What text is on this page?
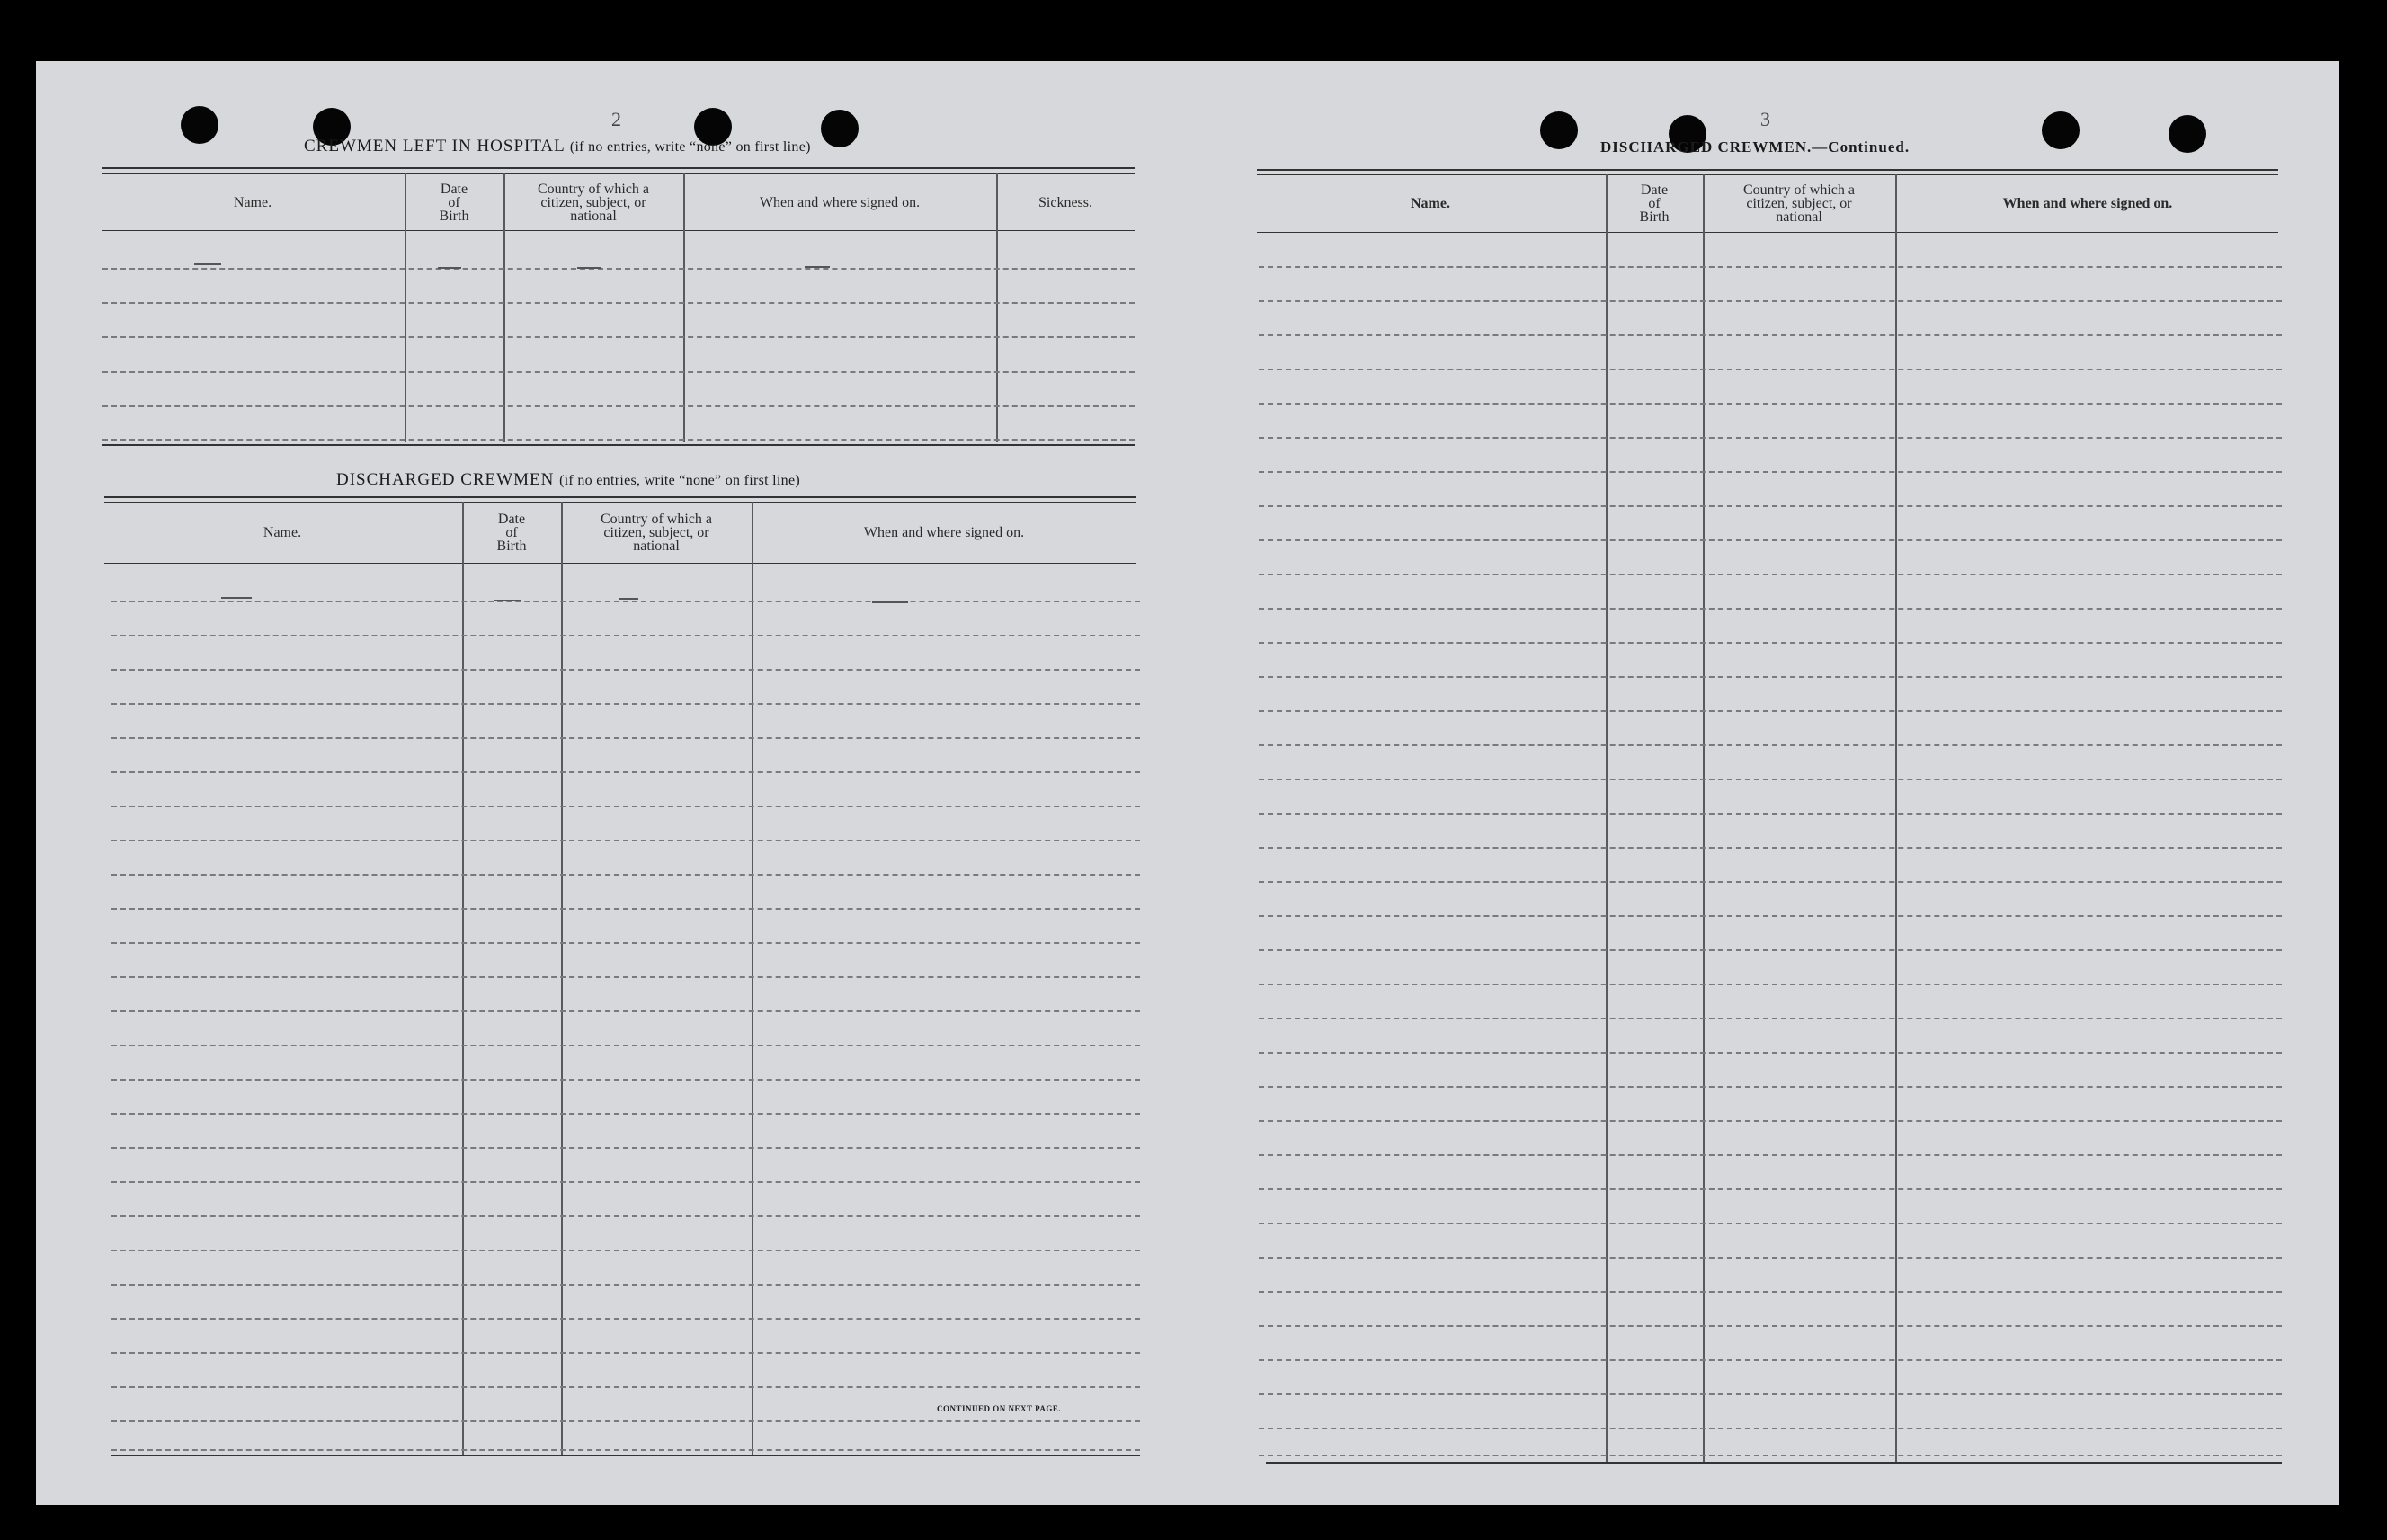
2
CREWMEN LEFT IN HOSPITAL (if no entries, write “none” on first line)
Name.
Date
of
Birth
Country of which a
citizen, subject, or
national
When and where signed on.	Sickness.
DISCHARGED CREWMEN (if no entries, write “none” on first line)
Name.
Date
of
Birth
Country of which a
citizen, subject, or
national
When and where signed on.
CONTINUED ON NEXT PAGE.
3
DISCHARGED CREWMEN.—Continued.
Name.
Date
of
Birth
Country of which a
citizen, subject, or
national
When and where signed on.
